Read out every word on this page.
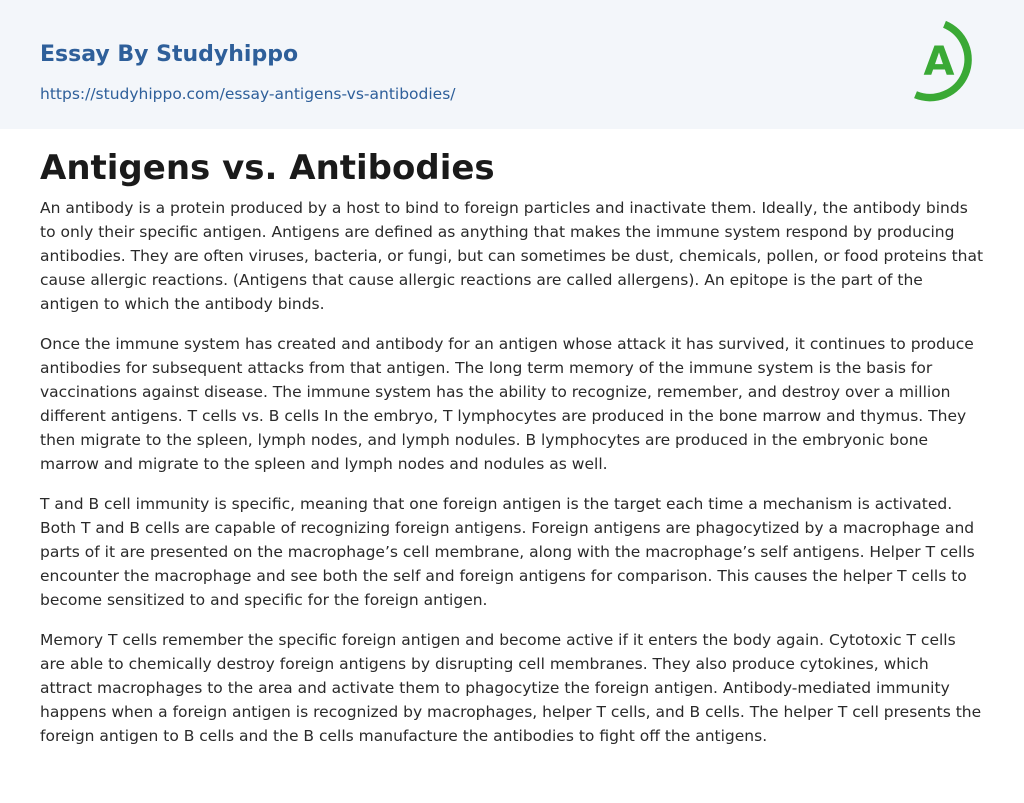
Essay By Studyhippo
https://studyhippo.com/essay-antigens-vs-antibodies/
A
Antigens vs. Antibodies

An antibody is a protein produced by a host to bind to foreign particles and inactivate them. Ideally, the antibody binds to only their specific antigen. Antigens are defined as anything that makes the immune system respond by producing antibodies. They are often viruses, bacteria, or fungi, but can sometimes be dust, chemicals, pollen, or food proteins that cause allergic reactions. (Antigens that cause allergic reactions are called allergens). An epitope is the part of the antigen to which the antibody binds.

Once the immune system has created and antibody for an antigen whose attack it has survived, it continues to produce antibodies for subsequent attacks from that antigen. The long term memory of the immune system is the basis for vaccinations against disease. The immune system has the ability to recognize, remember, and destroy over a million different antigens. T cells vs. B cells In the embryo, T lymphocytes are produced in the bone marrow and thymus. They then migrate to the spleen, lymph nodes, and lymph nodules. B lymphocytes are produced in the embryonic bone marrow and migrate to the spleen and lymph nodes and nodules as well.

T and B cell immunity is specific, meaning that one foreign antigen is the target each time a mechanism is activated. Both T and B cells are capable of recognizing foreign antigens. Foreign antigens are phagocytized by a macrophage and parts of it are presented on the macrophage’s cell membrane, along with the macrophage’s self antigens. Helper T cells encounter the macrophage and see both the self and foreign antigens for comparison. This causes the helper T cells to become sensitized to and specific for the foreign antigen.

Memory T cells remember the specific foreign antigen and become active if it enters the body again. Cytotoxic T cells are able to chemically destroy foreign antigens by disrupting cell membranes. They also produce cytokines, which attract macrophages to the area and activate them to phagocytize the foreign antigen. Antibody-mediated immunity happens when a foreign antigen is recognized by macrophages, helper T cells, and B cells. The helper T cell presents the foreign antigen to B cells and the B cells manufacture the antibodies to fight off the antigens.
